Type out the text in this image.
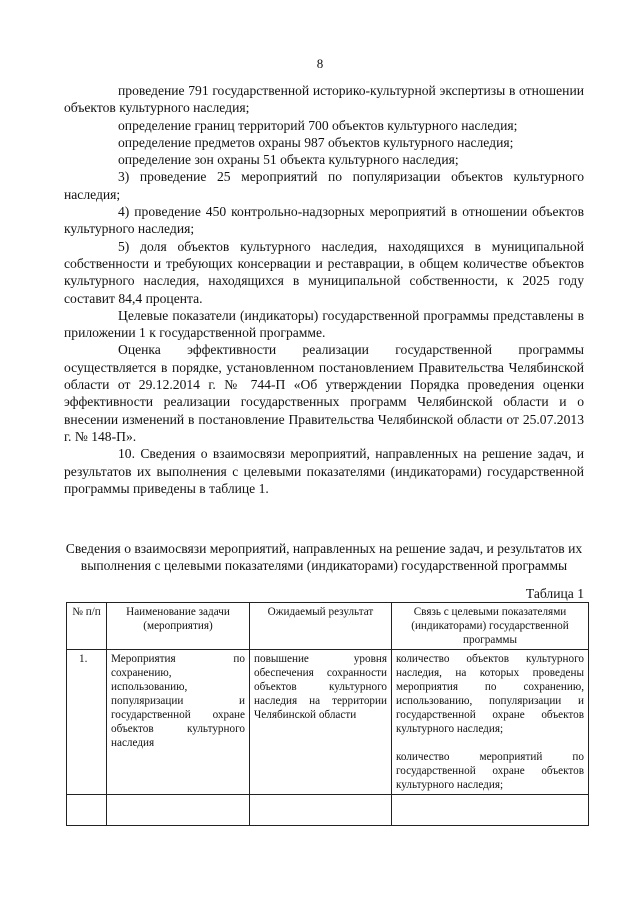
8

проведение 791 государственной историко-культурной экспертизы в отношении объектов культурного наследия;

определение границ территорий 700 объектов культурного наследия;

определение предметов охраны 987 объектов культурного наследия;

определение зон охраны 51 объекта культурного наследия;

3) проведение 25 мероприятий по популяризации объектов культурного наследия;

4) проведение 450 контрольно-надзорных мероприятий в отношении объектов культурного наследия;

5) доля объектов культурного наследия, находящихся в муниципальной собственности и требующих консервации и реставрации, в общем количестве объектов культурного наследия, находящихся в муниципальной собственности, к 2025 году составит 84,4 процента.

Целевые показатели (индикаторы) государственной программы представлены в приложении 1 к государственной программе.

Оценка эффективности реализации государственной программы осуществляется в порядке, установленном постановлением Правительства Челябинской области от 29.12.2014 г. № 744-П «Об утверждении Порядка проведения оценки эффективности реализации государственных программ Челябинской области и о внесении изменений в постановление Правительства Челябинской области от 25.07.2013 г. № 148-П».

10. Сведения о взаимосвязи мероприятий, направленных на решение задач, и результатов их выполнения с целевыми показателями (индикаторами) государственной программы приведены в таблице 1.

Сведения о взаимосвязи мероприятий, направленных на решение задач, и результатов их выполнения с целевыми показателями (индикаторами) государственной программы
Таблица 1
№ п/п	Наименование задачи (мероприятия)	Ожидаемый результат	Связь с целевыми показателями (индикаторами) государственной программы
1.	Мероприятия по сохранению, использованию, популяризации и государственной охране объектов культурного наследия	повышение уровня обеспечения сохранности объектов культурного наследия на территории Челябинской области	количество объектов культурного наследия, на которых проведены мероприятия по сохранению, использованию, популяризации и государственной охране объектов культурного наследия;
количество мероприятий по государственной охране объектов культурного наследия;
